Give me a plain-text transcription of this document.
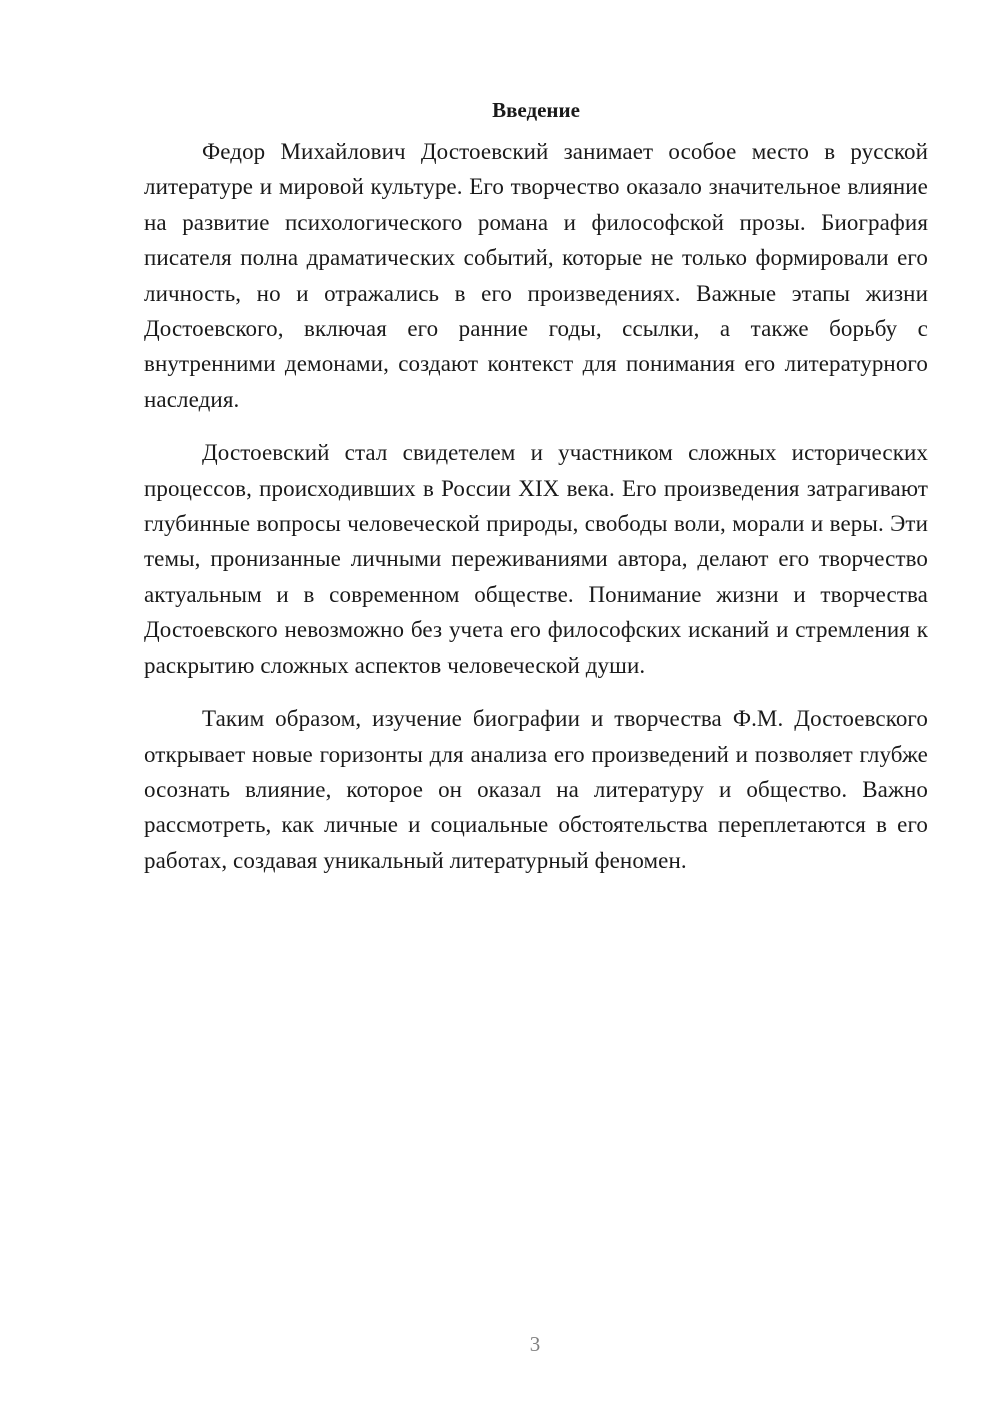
Введение

Федор Михайлович Достоевский занимает особое место в русской литературе и мировой культуре. Его творчество оказало значительное влияние на развитие психологического романа и философской прозы. Биография писателя полна драматических событий, которые не только формировали его личность, но и отражались в его произведениях. Важные этапы жизни Достоевского, включая его ранние годы, ссылки, а также борьбу с внутренними демонами, создают контекст для понимания его литературного наследия.

Достоевский стал свидетелем и участником сложных исторических процессов, происходивших в России XIX века. Его произведения затрагивают глубинные вопросы человеческой природы, свободы воли, морали и веры. Эти темы, пронизанные личными переживаниями автора, делают его творчество актуальным и в современном обществе. Понимание жизни и творчества Достоевского невозможно без учета его философских исканий и стремления к раскрытию сложных аспектов человеческой души.

Таким образом, изучение биографии и творчества Ф.М. Достоевского открывает новые горизонты для анализа его произведений и позволяет глубже осознать влияние, которое он оказал на литературу и общество. Важно рассмотреть, как личные и социальные обстоятельства переплетаются в его работах, создавая уникальный литературный феномен.

3
